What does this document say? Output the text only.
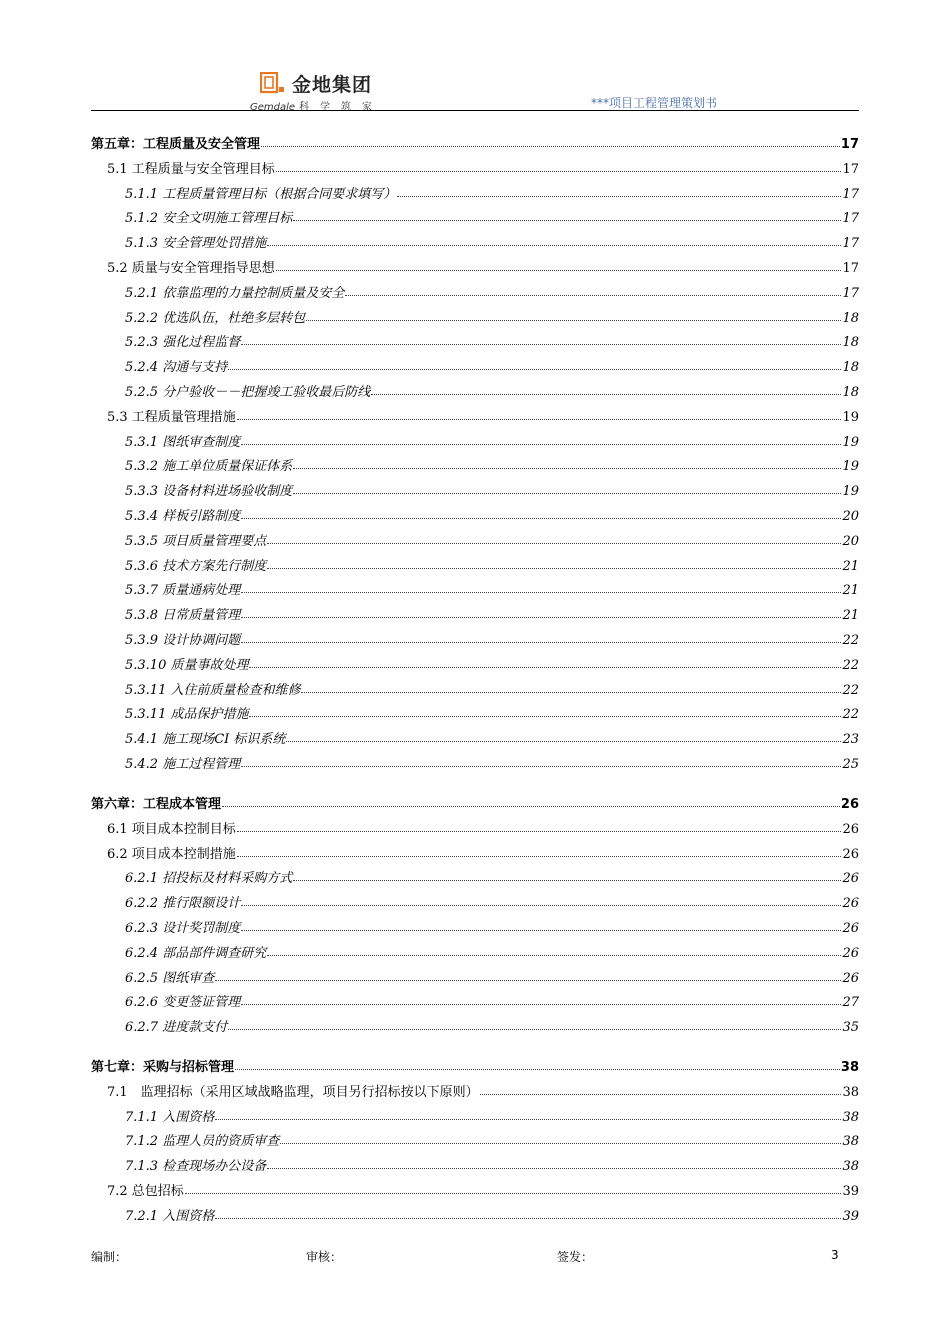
金地集团
Gemdale 科学筑家	***项目工程管理策划书
第五章：工程质量及安全管理	17
5.1 工程质量与安全管理目标	17
5.1.1 工程质量管理目标（根据合同要求填写）	17
5.1.2 安全文明施工管理目标	17
5.1.3 安全管理处罚措施	17
5.2 质量与安全管理指导思想	17
5.2.1 依靠监理的力量控制质量及安全	17
5.2.2 优选队伍，杜绝多层转包	18
5.2.3 强化过程监督	18
5.2.4 沟通与支持	18
5.2.5 分户验收－－把握竣工验收最后防线	18
5.3 工程质量管理措施	19
5.3.1 图纸审查制度	19
5.3.2 施工单位质量保证体系	19
5.3.3 设备材料进场验收制度	19
5.3.4 样板引路制度	20
5.3.5 项目质量管理要点	20
5.3.6 技术方案先行制度	21
5.3.7 质量通病处理	21
5.3.8 日常质量管理	21
5.3.9 设计协调问题	22
5.3.10 质量事故处理	22
5.3.11 入住前质量检查和维修	22
5.3.11 成品保护措施	22
5.4.1 施工现场CI 标识系统	23
5.4.2 施工过程管理	25
第六章：工程成本管理	26
6.1 项目成本控制目标	26
6.2 项目成本控制措施	26
6.2.1 招投标及材料采购方式	26
6.2.2 推行限额设计	26
6.2.3 设计奖罚制度	26
6.2.4 部品部件调查研究	26
6.2.5 图纸审查	26
6.2.6 变更签证管理	27
6.2.7 进度款支付	35
第七章：采购与招标管理	38
7.1　监理招标（采用区域战略监理，项目另行招标按以下原则）	38
7.1.1 入围资格	38
7.1.2 监理人员的资质审查	38
7.1.3 检查现场办公设备	38
7.2 总包招标	39
7.2.1 入围资格	39
编制：	审核：	签发：	3
